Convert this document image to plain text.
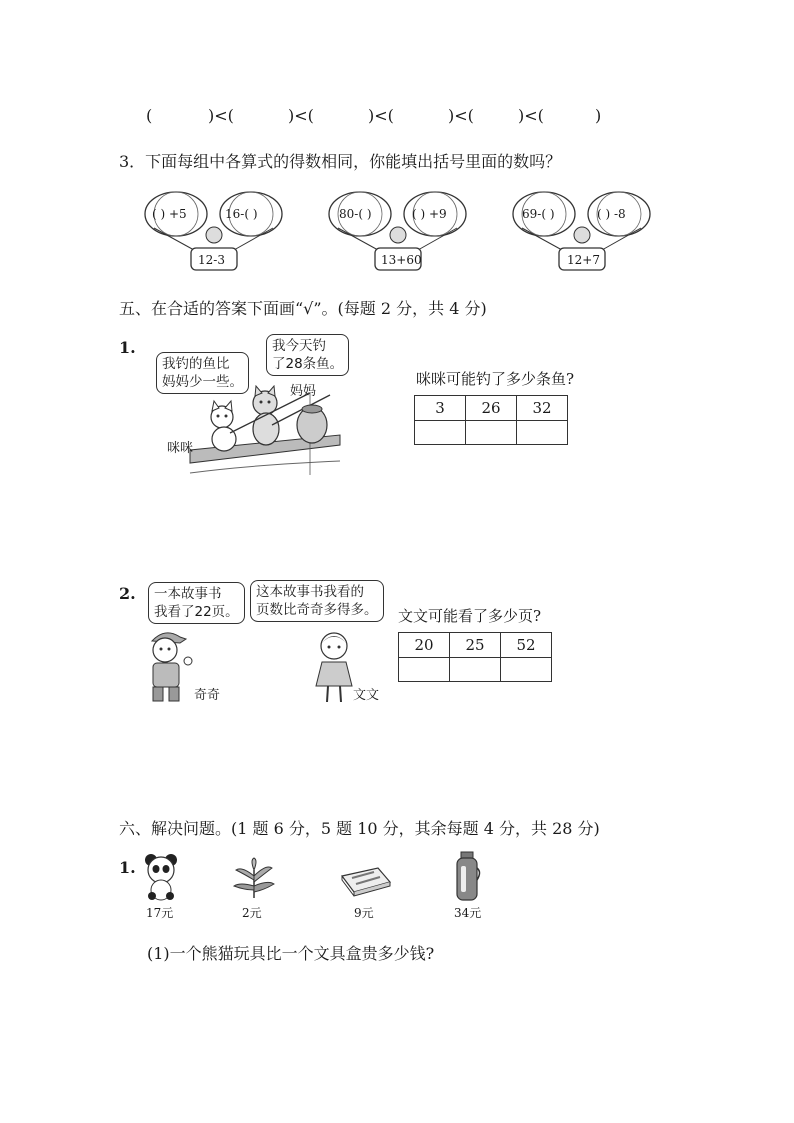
(	)<(	)<(	)<(	)<(	)<(	)
3．下面每组中各算式的得数相同，你能填出括号里面的数吗？
( ) +5	16-( )
12-3
80-( )	( ) +9
13+60
69-( )	( ) -8
12+7
五、在合适的答案下面画“√”。(每题 2 分，共 4 分)
1.
我钓的鱼比
妈妈少一些。
我今天钓
了28条鱼。
妈妈
咪咪
咪咪可能钓了多少条鱼?
3	26	32

2. 一本故事书
我看了22页。
这本故事书我看的
页数比奇奇多得多。
奇奇	文文
文文可能看了多少页?
20	25	52

六、解决问题。(1 题 6 分，5 题 10 分，其余每题 4 分，共 28 分)
1.
17元	2元	9元	34元
(1)一个熊猫玩具比一个文具盒贵多少钱?
